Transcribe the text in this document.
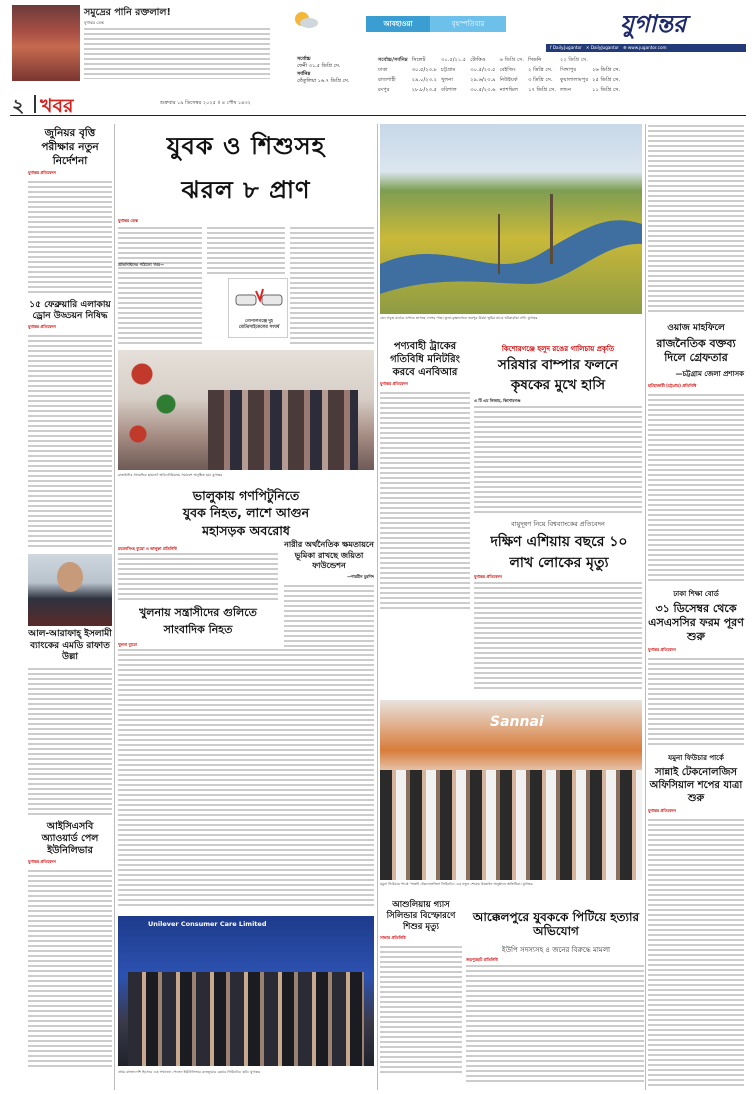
সমুদ্রের পানি রক্তলাল!
যুগান্তর ডেস্ক	আবহাওয়া	বৃহস্পতিবার	যুগান্তর
f Daily.Jugantor ✕ DailyJugantor ⊕ www.jugantor.com
সর্বোচ্চ
ফেনী ৩১.৫ ডিগ্রি সে.
সর্বনিম্ন
তেঁতুলিয়া ১৬.৭ ডিগ্রি সে.
সর্বোচ্চ/সর্বনিম্ন	সিলেট	৩০.৫/২১.৫	টোকিও	৬ ডিগ্রি সে.	সিডনি	২২ ডিগ্রি সে.	
ঢাকা	৩০.৫/২৩.৮	চট্টগ্রাম	৩০.৫/২৩.৫	বেইজিং	২ ডিগ্রি সে.	সিঙ্গাপুর	২৬ ডিগ্রি সে.
রাজশাহী	২৯.০/২৩.২	খুলনা	২৯.৬/২৩.৯	নিউইয়র্ক	৩ ডিগ্রি সে.	কুয়ালালামপুর	২৫ ডিগ্রি সে.
রংপুর	২৮.৮/২৩.৫	বরিশাল	৩০.৫/২৩.৬	ন্যাশভিল	১৭ ডিগ্রি সে.	লন্ডন	১১ ডিগ্রি সে.
২ খবর	শুক্রবার ১৯ ডিসেম্বর ২০২৫ ॥ ৪ পৌষ ১৪৩২
জুনিয়র বৃত্তি পরীক্ষার নতুন নির্দেশনা
যুগান্তর প্রতিবেদন
১৫ ফেব্রুয়ারি এলাকায় ড্রোন উড্ডয়ন নিষিদ্ধ
যুগান্তর প্রতিবেদন
আল-আরাফাহ্ ইসলামী ব্যাংকের এমডি রাফাত উল্লা
আইসিএসবি অ্যাওয়ার্ড পেল ইউনিলিভার
যুগান্তর প্রতিবেদন
যুবক ও শিশুসহ
ঝরল ৮ প্রাণ
যুগান্তর ডেস্ক
প্রতিনিধিদের পাঠানো খবর—
গোপালগঞ্জে দুই মোটরসাইকেলের সংঘর্ষ
রাজধানীর ধানমন্ডির ছায়ানট অডিটোরিয়ামে সমাবেশ অনুষ্ঠিত হয়। যুগান্তর
ভালুকায় গণপিটুনিতে
যুবক নিহত, লাশে আগুন
মহাসড়ক অবরোধ
ময়মনসিংহ ব্যুরো ও ভালুকা প্রতিনিধি	নারীর অর্থনৈতিক ক্ষমতায়নে ভূমিকা রাখছে জয়িতা ফাউন্ডেশন
—শারমীন মুরশিদ
খুলনায় সন্ত্রাসীদের গুলিতে
সাংবাদিক নিহত
খুলনা ব্যুরো
Unilever Consumer Care Limited
প্রথম বাংলাদেশি হিসেবে এক সম্মাননা পেলেন ইউনিলিভার কনজ্যুমার কেয়ার লিমিটেড। ছবি: যুগান্তর
যেন সবুজ মাঠের ওপারে ভাসছে দেশের গাছ। তুলা-কৃষ্ণফসলে ভরপুর উর্বরা ভূমির মাঝে আঁকাবাঁকা নদী। যুগান্তর
পণ্যবাহী ট্রাকের গতিবিধি মনিটরিং করবে এনবিআর
যুগান্তর প্রতিবেদন
কিশোরগঞ্জে হলুদ রঙের গালিচায় প্রকৃতি
সরিষার বাম্পার ফলনে
কৃষকের মুখে হাসি
এ টি এম নিজাম, কিশোরগঞ্জ
বায়ুদূষণ নিয়ে বিশ্বব্যাংকের প্রতিবেদন
দক্ষিণ এশিয়ায় বছরে ১০
লাখ লোকের মৃত্যু
যুগান্তর প্রতিবেদন
Sannai
যমুনা ফিউচার পার্কে ‘সান্নাই টেকনোলজিস লিমিটেড’-এর নতুন শোরুম উদ্বোধন অনুষ্ঠানে অতিথিরা। যুগান্তর
আশুলিয়ায় গ্যাস সিলিন্ডার বিস্ফোরণে শিশুর মৃত্যু
সাভার প্রতিনিধি
আক্কেলপুরে যুবককে পিটিয়ে হত্যার অভিযোগ
ইউপি সদস্যসহ ৪ জনের বিরুদ্ধে মামলা
জয়পুরহাট প্রতিনিধি
ওয়াজ মাহফিলে
রাজনৈতিক বক্তব্য দিলে গ্রেফতার
—চট্টগ্রাম জেলা প্রশাসক
হাটহাজারী (চট্টগ্রাম) প্রতিনিধি
ঢাকা শিক্ষা বোর্ড
৩১ ডিসেম্বর থেকে এসএসসির ফরম পূরণ শুরু
যুগান্তর প্রতিবেদন
যমুনা ফিউচার পার্কে
সান্নাই টেকনোলজিস অফিসিয়াল শপের যাত্রা শুরু
যুগান্তর প্রতিবেদন
